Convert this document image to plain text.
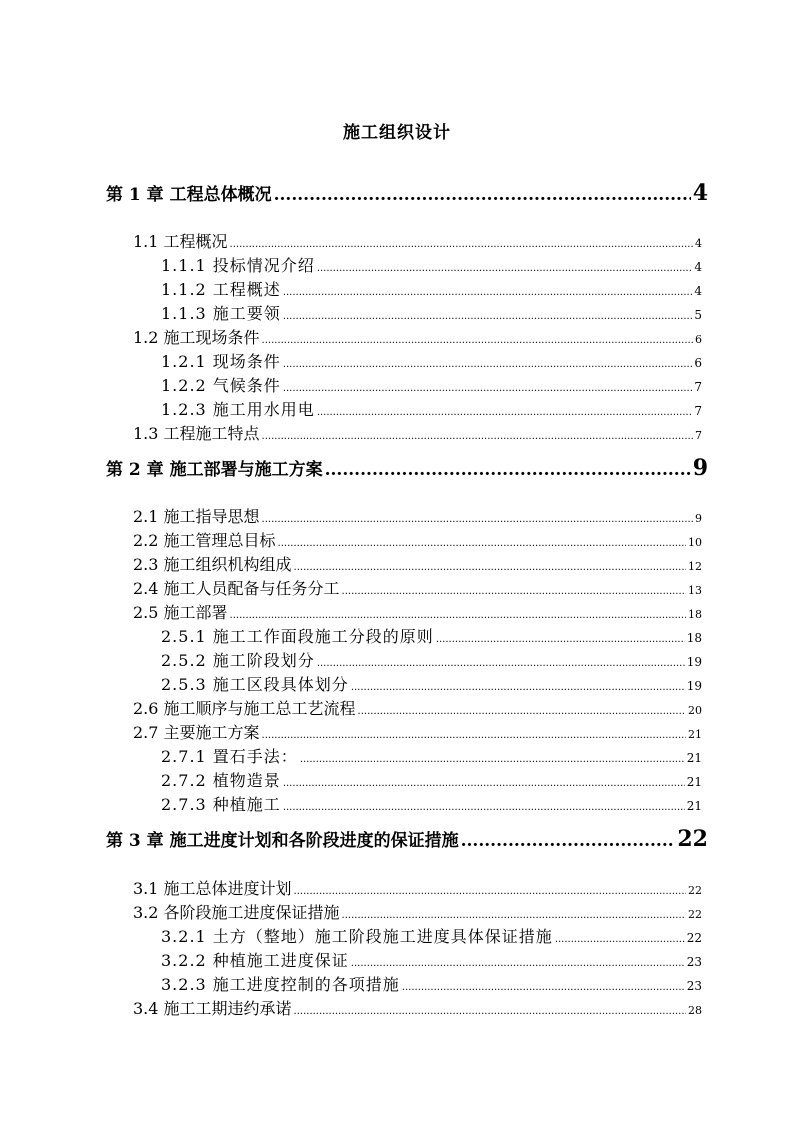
施工组织设计
第 1 章 工程总体概况 .....	4
1.1 工程概况 .....	4
1.1.1 投标情况介绍 .....	4
1.1.2 工程概述 .....	4
1.1.3 施工要领 .....	5
1.2 施工现场条件 .....	6
1.2.1 现场条件 .....	6
1.2.2 气候条件 .....	7
1.2.3 施工用水用电 .....	7
1.3 工程施工特点 .....	7
第 2 章 施工部署与施工方案 .....	9
2.1 施工指导思想 .....	9
2.2 施工管理总目标 .....	10
2.3 施工组织机构组成 .....	12
2.4 施工人员配备与任务分工 .....	13
2.5 施工部署 .....	18
2.5.1 施工工作面段施工分段的原则 .....	18
2.5.2 施工阶段划分 .....	19
2.5.3 施工区段具体划分 .....	19
2.6 施工顺序与施工总工艺流程 .....	20
2.7 主要施工方案 .....	21
2.7.1 置石手法： .....	21
2.7.2 植物造景 .....	21
2.7.3 种植施工 .....	21
第 3 章 施工进度计划和各阶段进度的保证措施 .....	22
3.1 施工总体进度计划 .....	22
3.2 各阶段施工进度保证措施 .....	22
3.2.1 土方（整地）施工阶段施工进度具体保证措施 .....	22
3.2.2 种植施工进度保证 .....	23
3.2.3 施工进度控制的各项措施 .....	23
3.4 施工工期违约承诺 .....	28
